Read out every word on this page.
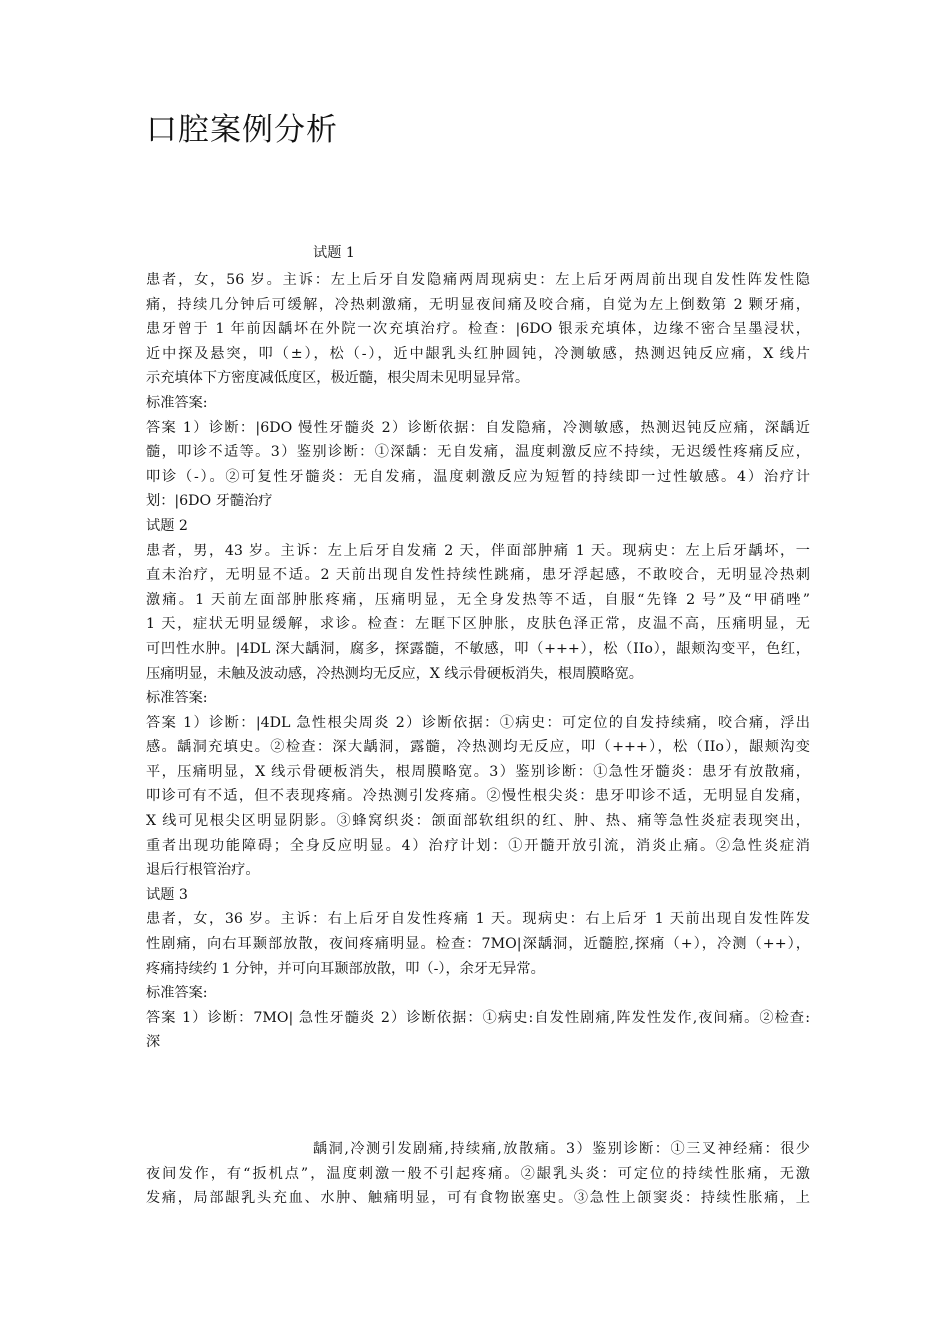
口腔案例分析
试题 1
患者，女，56 岁。主诉：左上后牙自发隐痛两周现病史：左上后牙两周前出现自发性阵发性隐
痛，持续几分钟后可缓解，冷热刺激痛，无明显夜间痛及咬合痛，自觉为左上倒数第 2 颗牙痛，
患牙曾于 1 年前因龋坏在外院一次充填治疗。检查：|6DO 银汞充填体，边缘不密合呈墨浸状，
近中探及悬突，叩（±），松（-），近中龈乳头红肿圆钝，冷测敏感，热测迟钝反应痛，X 线片
示充填体下方密度减低度区，极近髓，根尖周未见明显异常。
标准答案:
答案 1）诊断：|6DO 慢性牙髓炎 2）诊断依据：自发隐痛，冷测敏感，热测迟钝反应痛，深龋近
髓，叩诊不适等。3）鉴别诊断：①深龋：无自发痛，温度刺激反应不持续，无迟缓性疼痛反应，
叩诊（-）。②可复性牙髓炎：无自发痛，温度刺激反应为短暂的持续即一过性敏感。4）治疗计
划：|6DO 牙髓治疗
试题 2
患者，男，43 岁。主诉：左上后牙自发痛 2 天，伴面部肿痛 1 天。现病史：左上后牙龋坏，一
直未治疗，无明显不适。2 天前出现自发性持续性跳痛，患牙浮起感，不敢咬合，无明显冷热刺
激痛。1 天前左面部肿胀疼痛，压痛明显，无全身发热等不适，自服“先锋 2 号”及“甲硝唑”
1 天，症状无明显缓解，求诊。检查：左眶下区肿胀，皮肤色泽正常，皮温不高，压痛明显，无
可凹性水肿。|4DL 深大龋洞，腐多，探露髓，不敏感，叩（+++），松（IIo），龈颊沟变平，色红，
压痛明显，未触及波动感，冷热测均无反应，X 线示骨硬板消失，根周膜略宽。
标准答案:
答案 1）诊断：|4DL 急性根尖周炎 2）诊断依据：①病史：可定位的自发持续痛，咬合痛，浮出
感。龋洞充填史。②检查：深大龋洞，露髓，冷热测均无反应，叩（+++），松（IIo），龈颊沟变
平，压痛明显，X 线示骨硬板消失，根周膜略宽。3）鉴别诊断：①急性牙髓炎：患牙有放散痛，
叩诊可有不适，但不表现疼痛。冷热测引发疼痛。②慢性根尖炎：患牙叩诊不适，无明显自发痛，
X 线可见根尖区明显阴影。③蜂窝织炎：颌面部软组织的红、肿、热、痛等急性炎症表现突出，
重者出现功能障碍；全身反应明显。4）治疗计划：①开髓开放引流，消炎止痛。②急性炎症消
退后行根管治疗。
试题 3
患者，女，36 岁。主诉：右上后牙自发性疼痛 1 天。现病史：右上后牙 1 天前出现自发性阵发
性剧痛，向右耳颞部放散，夜间疼痛明显。检查：7MO|深龋洞，近髓腔,探痛（+），冷测（++），
疼痛持续约 1 分钟，并可向耳颞部放散，叩（-），余牙无异常。
标准答案:
答案 1）诊断：7MO| 急性牙髓炎 2）诊断依据：①病史:自发性剧痛,阵发性发作,夜间痛。②检查:
深
龋洞,冷测引发剧痛,持续痛,放散痛。3）鉴别诊断：①三叉神经痛：很少
夜间发作，有“扳机点”，温度刺激一般不引起疼痛。②龈乳头炎：可定位的持续性胀痛，无激
发痛，局部龈乳头充血、水肿、触痛明显，可有食物嵌塞史。③急性上颌窦炎：持续性胀痛，上
